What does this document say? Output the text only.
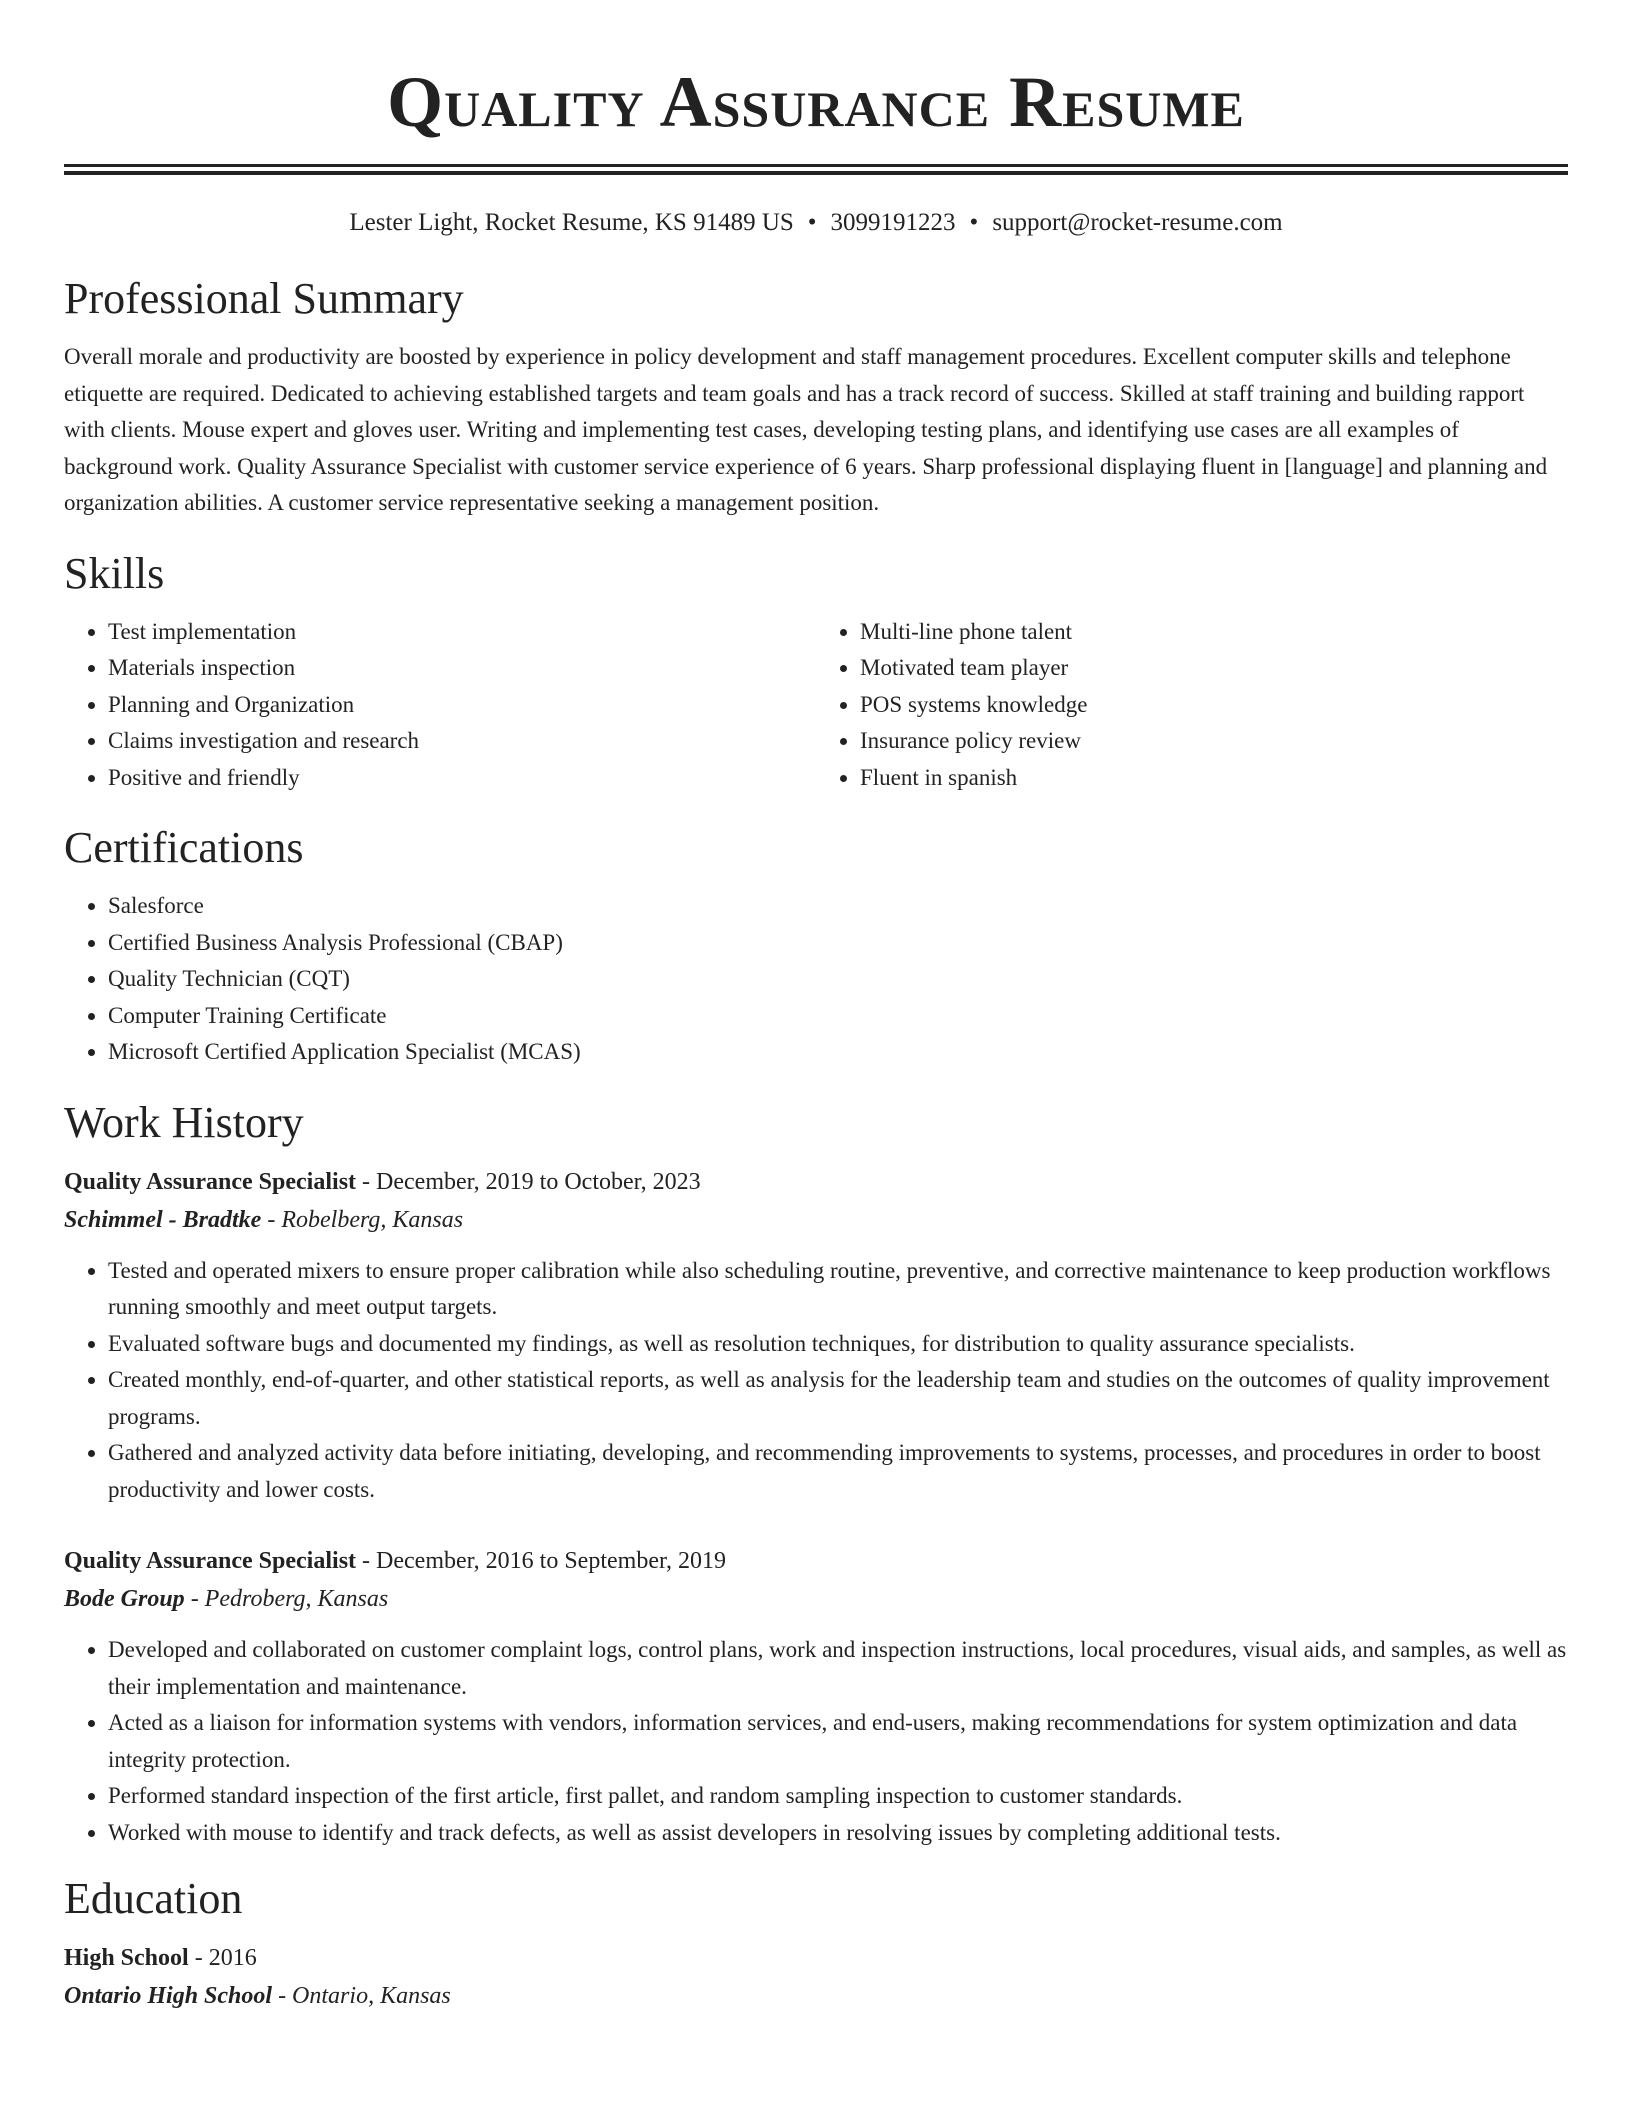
Quality Assurance Resume
Lester Light, Rocket Resume, KS 91489 US • 3099191223 • support@rocket-resume.com
Professional Summary

Overall morale and productivity are boosted by experience in policy development and staff management procedures. Excellent computer skills and telephone etiquette are required. Dedicated to achieving established targets and team goals and has a track record of success. Skilled at staff training and building rapport with clients. Mouse expert and gloves user. Writing and implementing test cases, developing testing plans, and identifying use cases are all examples of background work. Quality Assurance Specialist with customer service experience of 6 years. Sharp professional displaying fluent in [language] and planning and organization abilities. A customer service representative seeking a management position.

Skills
• Test implementation
• Materials inspection
• Planning and Organization
• Claims investigation and research
• Positive and friendly
• Multi-line phone talent
• Motivated team player
• POS systems knowledge
• Insurance policy review
• Fluent in spanish
Certifications
• Salesforce
• Certified Business Analysis Professional (CBAP)
• Quality Technician (CQT)
• Computer Training Certificate
• Microsoft Certified Application Specialist (MCAS)
Work History
Quality Assurance Specialist - December, 2019 to October, 2023
Schimmel - Bradtke - Robelberg, Kansas
• Tested and operated mixers to ensure proper calibration while also scheduling routine, preventive, and corrective maintenance to keep production workflows running smoothly and meet output targets.
• Evaluated software bugs and documented my findings, as well as resolution techniques, for distribution to quality assurance specialists.
• Created monthly, end-of-quarter, and other statistical reports, as well as analysis for the leadership team and studies on the outcomes of quality improvement programs.
• Gathered and analyzed activity data before initiating, developing, and recommending improvements to systems, processes, and procedures in order to boost productivity and lower costs.
Quality Assurance Specialist - December, 2016 to September, 2019
Bode Group - Pedroberg, Kansas
• Developed and collaborated on customer complaint logs, control plans, work and inspection instructions, local procedures, visual aids, and samples, as well as their implementation and maintenance.
• Acted as a liaison for information systems with vendors, information services, and end-users, making recommendations for system optimization and data integrity protection.
• Performed standard inspection of the first article, first pallet, and random sampling inspection to customer standards.
• Worked with mouse to identify and track defects, as well as assist developers in resolving issues by completing additional tests.
Education
High School - 2016
Ontario High School - Ontario, Kansas
